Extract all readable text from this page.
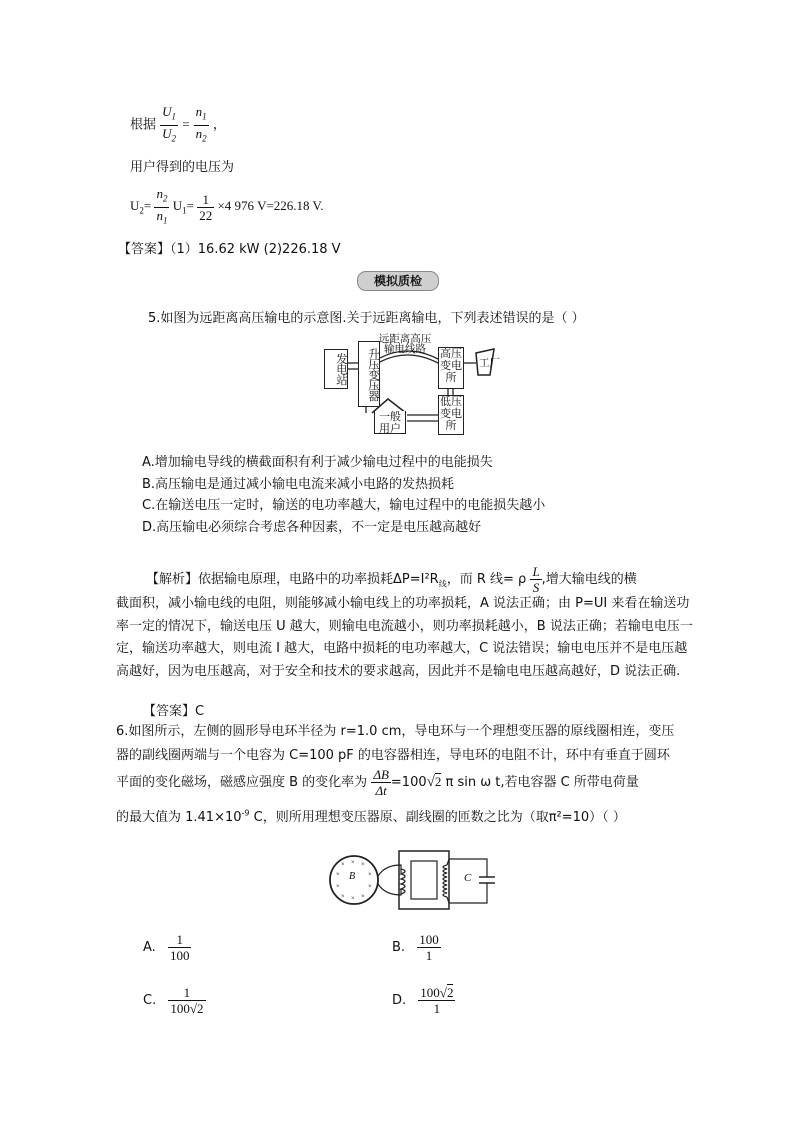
根据 $\frac{U_1}{U_2} = \frac{n_1}{n_2}$ ，
用户得到的电压为
$U_2= \frac{n_2}{n_1} U_1= \frac{1}{22} \times 4$ 976 V=226.18 V.
【答案】（1）16.62 kW (2)226.18 V
模拟质检
5.如图为远距离高压输电的示意图.关于远距离输电，下列表述错误的是（ ）
发电站	升压变压器
远距离高压输电线路	高压变电所
工厂
一般用户
低压变电所
A.增加输电导线的横截面积有利于减少输电过程中的电能损失
B.高压输电是通过减小输电电流来减小电路的发热损耗
C.在输送电压一定时，输送的电功率越大，输电过程中的电能损失越小
D.高压输电必须综合考虑各种因素，不一定是电压越高越好
【解析】依据输电原理，电路中的功率损耗$\Delta P=I^2R_线$，而 R 线= ρ $\frac{L}{S}$ ,增大输电线的横
截面积，减小输电线的电阻，则能够减小输电线上的功率损耗，A 说法正确；由 P=UI 来看在输送功率一定的情况下，输送电压 U 越大，则输电电流越小，则功率损耗越小，B 说法正确；若输电电压一定，输送功率越大，则电流 I 越大，电路中损耗的电功率越大，C 说法错误；输电电压并不是电压越高越好，因为电压越高，对于安全和技术的要求越高，因此并不是输电电压越高越好，D 说法正确.
【答案】C
6.如图所示，左侧的圆形导电环半径为 r=1.0 cm，导电环与一个理想变压器的原线圈相连，变压器的副线圈两端与一个电容为 C=100 pF 的电容器相连，导电环的电阻不计，环中有垂直于圆环平面的变化磁场，磁感应强度 B 的变化率为 $\frac{\Delta B}{\Delta t} =100√2$ π sin ω t,若电容器 C 所带电荷量
的最大值为 $1.41\times 10^{-9}$ C，则所用理想变压器原、副线圈的匝数之比为（取π²=10）（ ）
× × ×
×	×
×	×
× × ×
B	C
A. $\frac{1}{100}$	B. $\frac{100}{1}$
C. $\frac{1}{100√2}$	D. $\frac{100√2}{1}$
